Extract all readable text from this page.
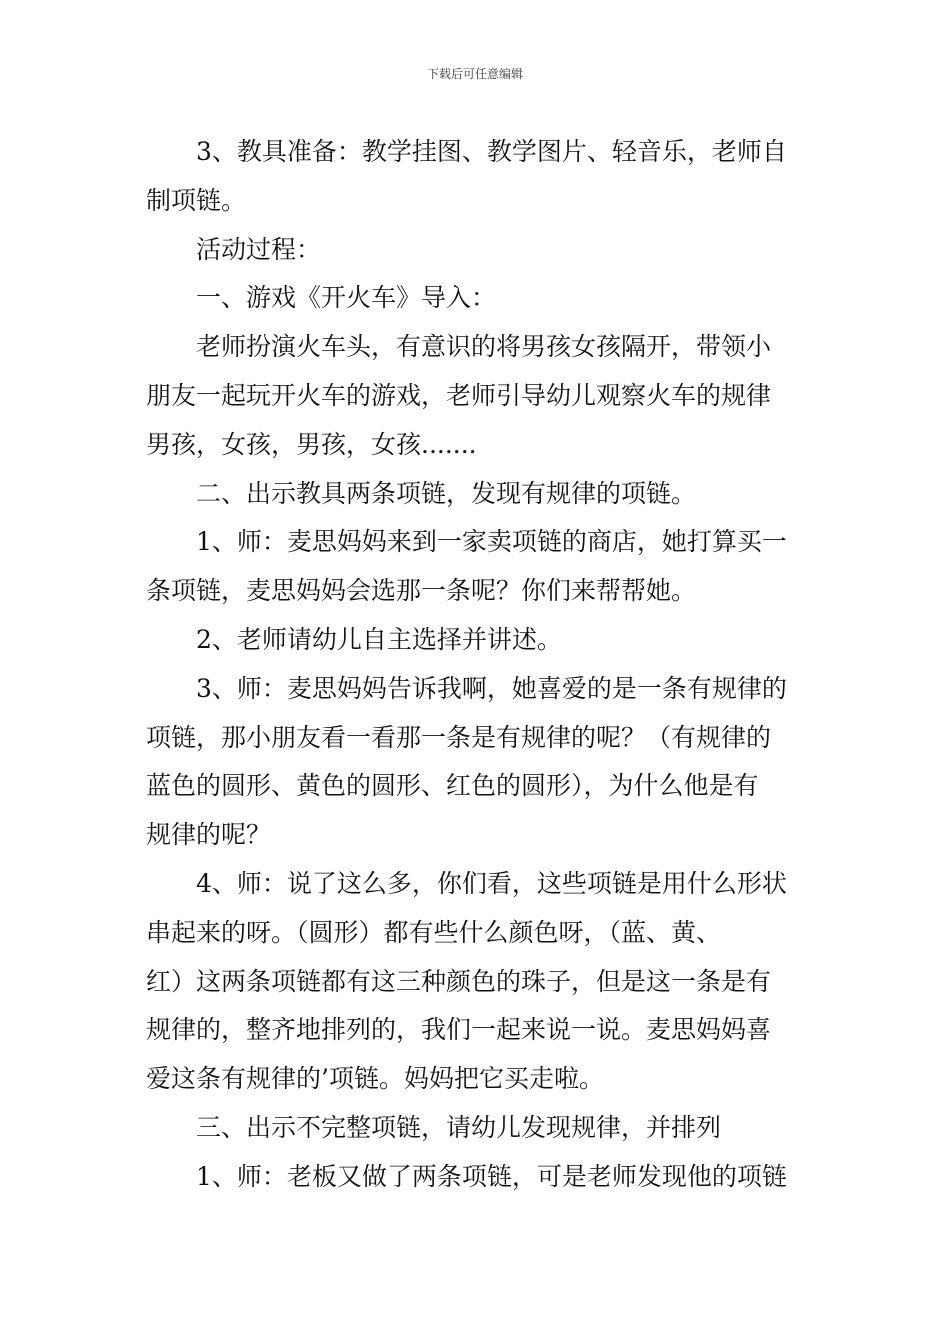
下载后可任意编辑
3、教具准备：教学挂图、教学图片、轻音乐，老师自
制项链。
活动过程：
一、游戏《开火车》导入：
老师扮演火车头，有意识的将男孩女孩隔开，带领小
朋友一起玩开火车的游戏，老师引导幼儿观察火车的规律
男孩，女孩，男孩，女孩.......
二、出示教具两条项链，发现有规律的项链。
1、师：麦思妈妈来到一家卖项链的商店，她打算买一
条项链，麦思妈妈会选那一条呢？你们来帮帮她。
2、老师请幼儿自主选择并讲述。
3、师：麦思妈妈告诉我啊，她喜爱的是一条有规律的
项链，那小朋友看一看那一条是有规律的呢？（有规律的
蓝色的圆形、黄色的圆形、红色的圆形），为什么他是有
规律的呢？
4、师：说了这么多，你们看，这些项链是用什么形状
串起来的呀。（圆形）都有些什么颜色呀，（蓝、黄、
红）这两条项链都有这三种颜色的珠子，但是这一条是有
规律的，整齐地排列的，我们一起来说一说。麦思妈妈喜
爱这条有规律的’项链。妈妈把它买走啦。
三、出示不完整项链，请幼儿发现规律，并排列
1、师：老板又做了两条项链，可是老师发现他的项链
